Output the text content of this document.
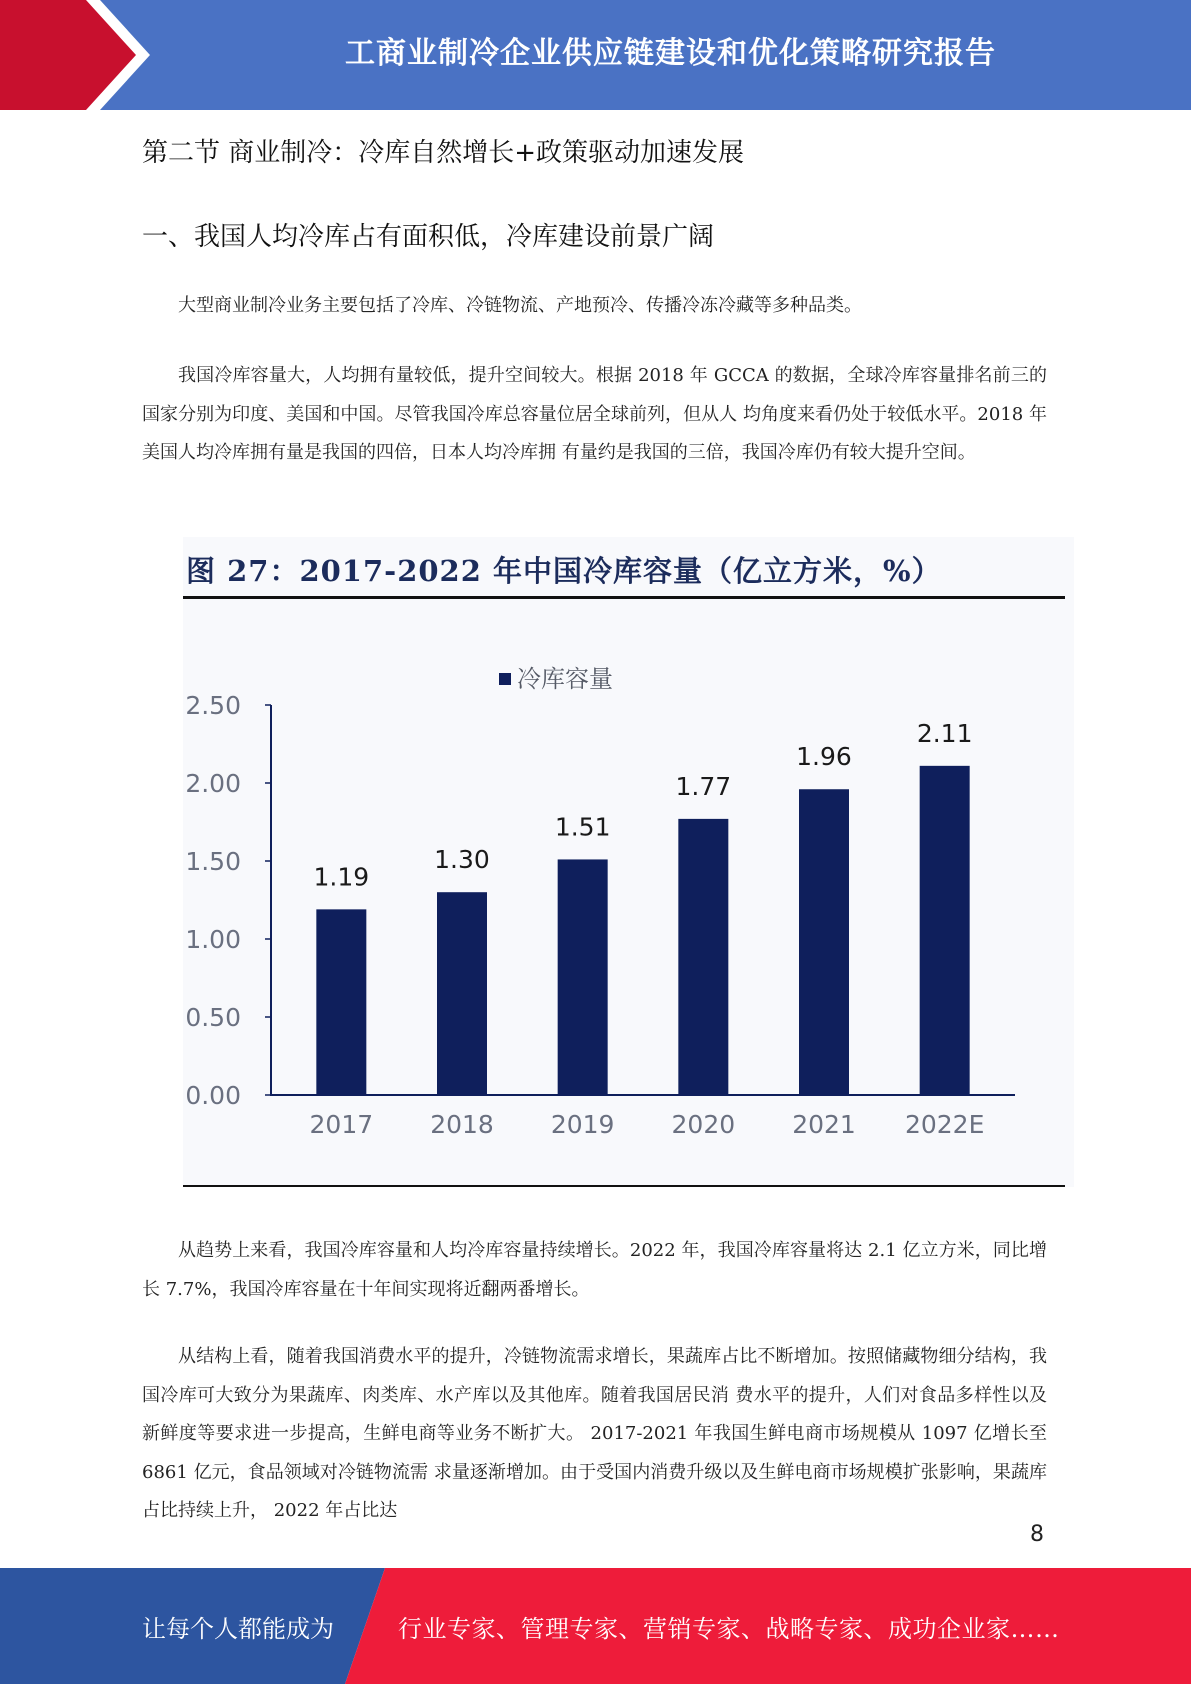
工商业制冷企业供应链建设和优化策略研究报告
第二节 商业制冷：冷库自然增长+政策驱动加速发展
一、我国人均冷库占有面积低，冷库建设前景广阔

大型商业制冷业务主要包括了冷库、冷链物流、产地预冷、传播冷冻冷藏等多种品类。

我国冷库容量大，人均拥有量较低，提升空间较大。根据 2018 年 GCCA 的数据，全球冷库容量排名前三的国家分别为印度、美国和中国。尽管我国冷库总容量位居全球前列，但从人 均角度来看仍处于较低水平。2018 年美国人均冷库拥有量是我国的四倍，日本人均冷库拥 有量约是我国的三倍，我国冷库仍有较大提升空间。

图 27：2017-2022 年中国冷库容量（亿立方米，%）
0.00
0.50
1.00
1.50
2.00
2.50
冷库容量
1.19
2017
1.30
2018
1.51
2019
1.77
2020
1.96
2021
2.11
2022E

从趋势上来看，我国冷库容量和人均冷库容量持续增长。2022 年，我国冷库容量将达 2.1 亿立方米，同比增长 7.7%，我国冷库容量在十年间实现将近翻两番增长。

从结构上看，随着我国消费水平的提升，冷链物流需求增长，果蔬库占比不断增加。按照储藏物细分结构，我国冷库可大致分为果蔬库、肉类库、水产库以及其他库。随着我国居民消 费水平的提升，人们对食品多样性以及新鲜度等要求进一步提高，生鲜电商等业务不断扩大。 2017-2021 年我国生鲜电商市场规模从 1097 亿增长至 6861 亿元，食品领域对冷链物流需 求量逐渐增加。由于受国内消费升级以及生鲜电商市场规模扩张影响，果蔬库占比持续上升， 2022 年占比达

8
让每个人都能成为	行业专家、管理专家、营销专家、战略专家、成功企业家……
